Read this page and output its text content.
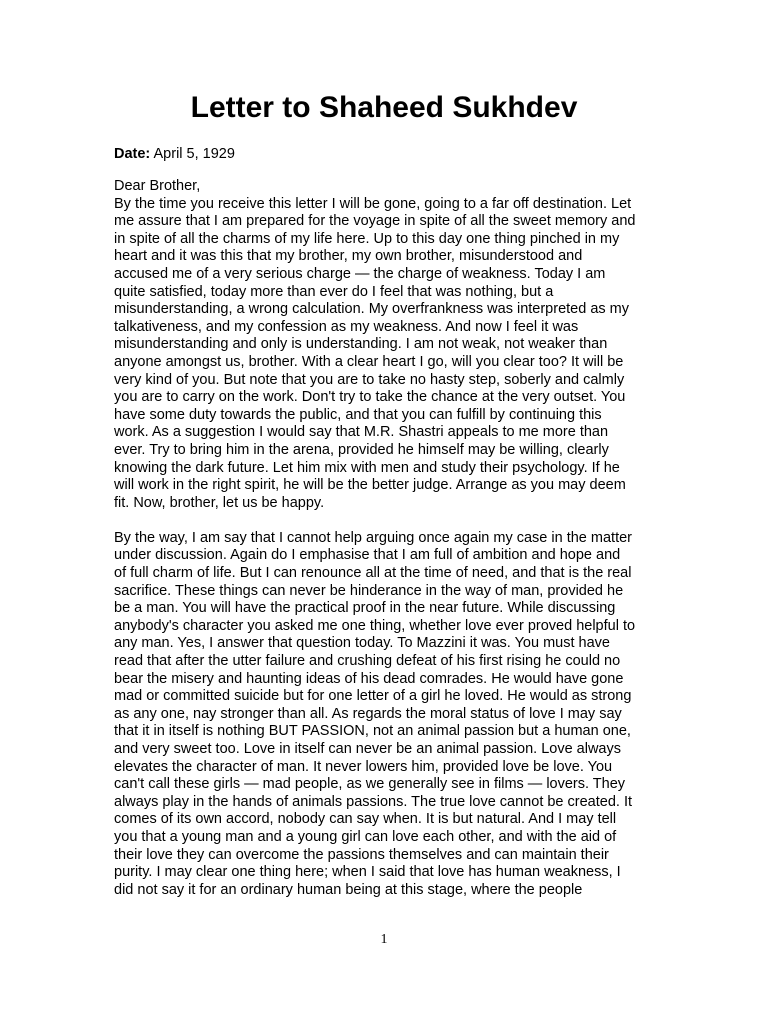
Letter to Shaheed Sukhdev

Date: April 5, 1929

Dear Brother,

By the time you receive this letter I will be gone, going to a far off destination. Let
me assure that I am prepared for the voyage in spite of all the sweet memory and
in spite of all the charms of my life here. Up to this day one thing pinched in my
heart and it was this that my brother, my own brother, misunderstood and
accused me of a very serious charge — the charge of weakness. Today I am
quite satisfied, today more than ever do I feel that was nothing, but a
misunderstanding, a wrong calculation. My overfrankness was interpreted as my
talkativeness, and my confession as my weakness. And now I feel it was
misunderstanding and only is understanding. I am not weak, not weaker than
anyone amongst us, brother. With a clear heart I go, will you clear too? It will be
very kind of you. But note that you are to take no hasty step, soberly and calmly
you are to carry on the work. Don't try to take the chance at the very outset. You
have some duty towards the public, and that you can fulfill by continuing this
work. As a suggestion I would say that M.R. Shastri appeals to me more than
ever. Try to bring him in the arena, provided he himself may be willing, clearly
knowing the dark future. Let him mix with men and study their psychology. If he
will work in the right spirit, he will be the better judge. Arrange as you may deem
fit. Now, brother, let us be happy.

By the way, I am say that I cannot help arguing once again my case in the matter
under discussion. Again do I emphasise that I am full of ambition and hope and
of full charm of life. But I can renounce all at the time of need, and that is the real
sacrifice. These things can never be hinderance in the way of man, provided he
be a man. You will have the practical proof in the near future. While discussing
anybody's character you asked me one thing, whether love ever proved helpful to
any man. Yes, I answer that question today. To Mazzini it was. You must have
read that after the utter failure and crushing defeat of his first rising he could no
bear the misery and haunting ideas of his dead comrades. He would have gone
mad or committed suicide but for one letter of a girl he loved. He would as strong
as any one, nay stronger than all. As regards the moral status of love I may say
that it in itself is nothing BUT PASSION, not an animal passion but a human one,
and very sweet too. Love in itself can never be an animal passion. Love always
elevates the character of man. It never lowers him, provided love be love. You
can't call these girls — mad people, as we generally see in films — lovers. They
always play in the hands of animals passions. The true love cannot be created. It
comes of its own accord, nobody can say when. It is but natural. And I may tell
you that a young man and a young girl can love each other, and with the aid of
their love they can overcome the passions themselves and can maintain their
purity. I may clear one thing here; when I said that love has human weakness, I
did not say it for an ordinary human being at this stage, where the people

1
